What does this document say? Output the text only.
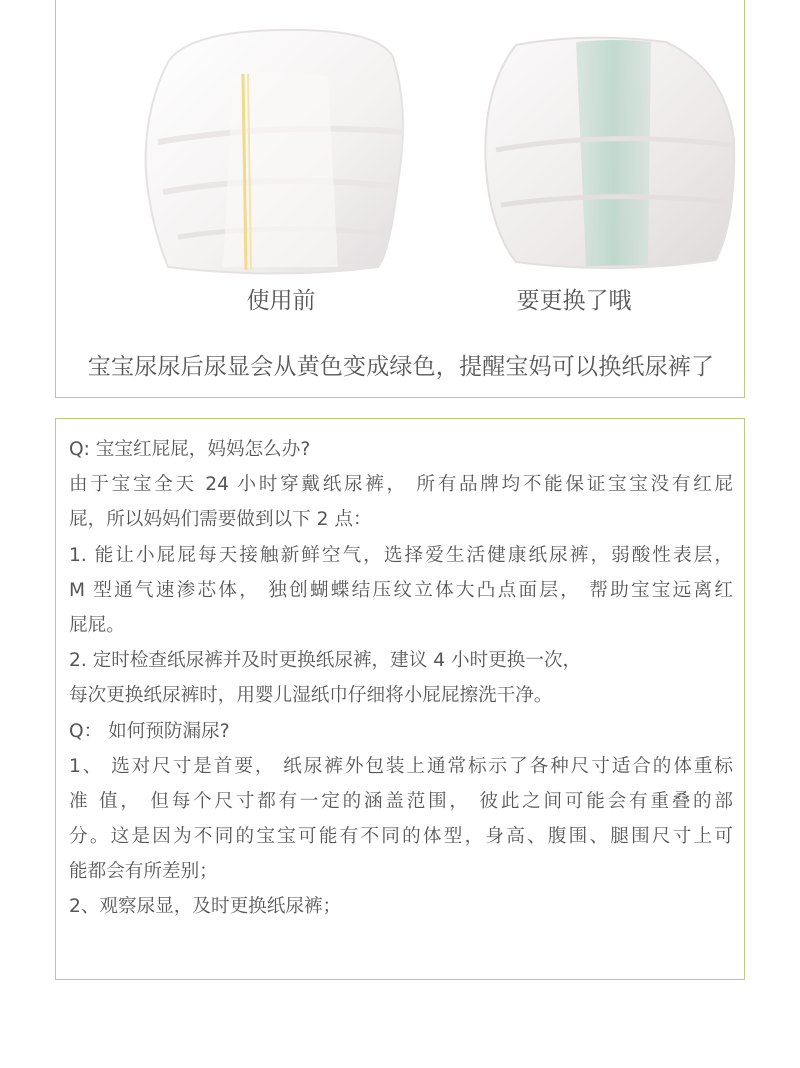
使用前	要更换了哦
宝宝尿尿后尿显会从黄色变成绿色，提醒宝妈可以换纸尿裤了
Q: 宝宝红屁屁，妈妈怎么办?
由于宝宝全天 24 小时穿戴纸尿裤， 所有品牌均不能保证宝宝没有红屁
屁，所以妈妈们需要做到以下 2 点：
1. 能让小屁屁每天接触新鲜空气，选择爱生活健康纸尿裤，弱酸性表层，
M 型通气速渗芯体， 独创蝴蝶结压纹立体大凸点面层， 帮助宝宝远离红
屁屁。
2. 定时检查纸尿裤并及时更换纸尿裤，建议 4 小时更换一次，
每次更换纸尿裤时，用婴儿湿纸巾仔细将小屁屁擦洗干净。
Q： 如何预防漏尿?
1、 选对尺寸是首要， 纸尿裤外包装上通常标示了各种尺寸适合的体重标
准 值， 但每个尺寸都有一定的涵盖范围， 彼此之间可能会有重叠的部
分。这是因为不同的宝宝可能有不同的体型，身高、腹围、腿围尺寸上可
能都会有所差别；
2、观察尿显，及时更换纸尿裤；
